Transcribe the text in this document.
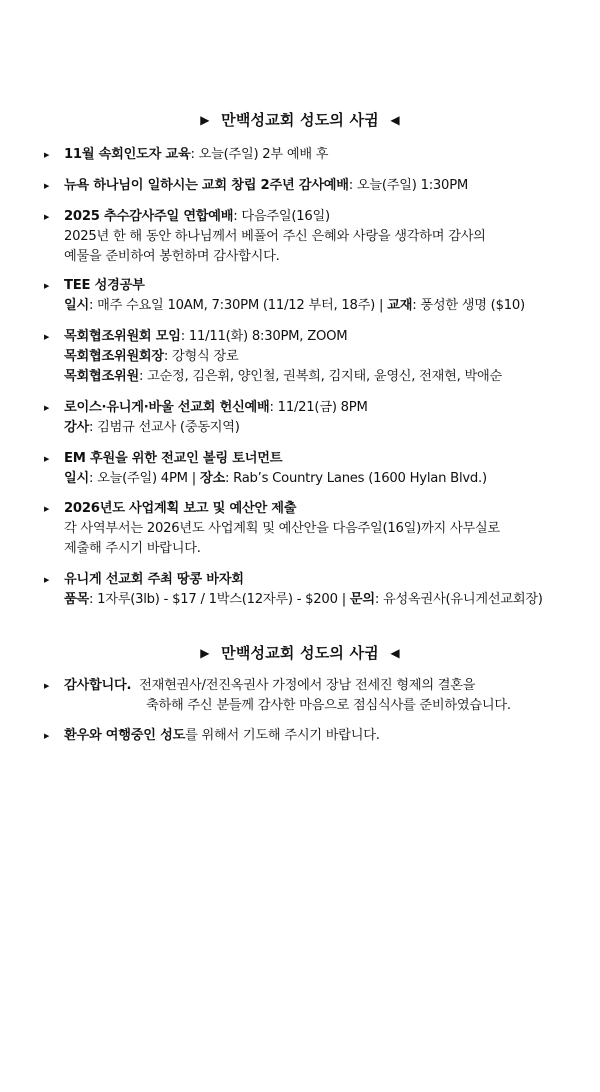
▶ 만백성교회 성도의 사귐 ◀
▶ 11월 속회인도자 교육: 오늘(주일) 2부 예배 후
▶ 뉴욕 하나님이 일하시는 교회 창립 2주년 감사예배: 오늘(주일) 1:30PM
▶ 2025 추수감사주일 연합예배: 다음주일(16일)
2025년 한 해 동안 하나님께서 베풀어 주신 은혜와 사랑을 생각하며 감사의
예물을 준비하여 봉헌하며 감사합시다.
▶ TEE 성경공부
일시: 매주 수요일 10AM, 7:30PM (11/12 부터, 18주) | 교재: 풍성한 생명 ($10)
▶ 목회협조위원회 모임: 11/11(화) 8:30PM, ZOOM
목회협조위원회장: 강형식 장로
목회협조위원: 고순정, 김은휘, 양인철, 권복희, 김지태, 윤영신, 전재현, 박애순
▶ 로이스·유니게·바울 선교회 헌신예배: 11/21(금) 8PM
강사: 김범규 선교사 (중동지역)
▶ EM 후원을 위한 전교인 볼링 토너먼트
일시: 오늘(주일) 4PM | 장소: Rab’s Country Lanes (1600 Hylan Blvd.)
▶ 2026년도 사업계획 보고 및 예산안 제출
각 사역부서는 2026년도 사업계획 및 예산안을 다음주일(16일)까지 사무실로
제출해 주시기 바랍니다.
▶ 유니게 선교회 주최 땅콩 바자회
품목: 1자루(3lb) - $17 / 1박스(12자루) - $200 | 문의: 유성옥권사(유니게선교회장)
▶ 만백성교회 성도의 사귐 ◀
▶ 감사합니다.  전재현권사/전진옥권사 가정에서 장남 전세진 형제의 결혼을
축하해 주신 분들께 감사한 마음으로 점심식사를 준비하였습니다.
▶ 환우와 여행중인 성도를 위해서 기도해 주시기 바랍니다.
